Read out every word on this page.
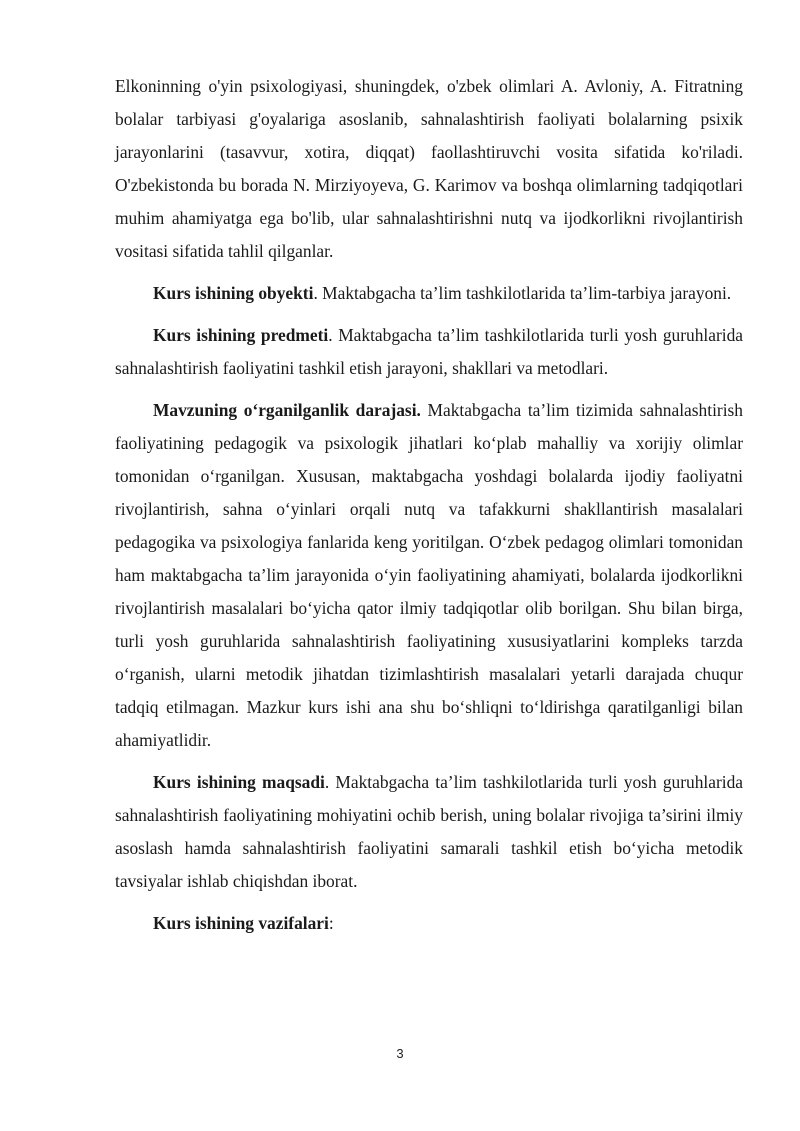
Elkoninning o'yin psixologiyasi, shuningdek, o'zbek olimlari A. Avloniy, A. Fitratning bolalar tarbiyasi g'oyalariga asoslanib, sahnalashtirish faoliyati bolalarning psixik jarayonlarini (tasavvur, xotira, diqqat) faollashtiruvchi vosita sifatida ko'riladi. O'zbekistonda bu borada N. Mirziyoyeva, G. Karimov va boshqa olimlarning tadqiqotlari muhim ahamiyatga ega bo'lib, ular sahnalashtirishni nutq va ijodkorlikni rivojlantirish vositasi sifatida tahlil qilganlar.

Kurs ishining obyekti. Maktabgacha ta’lim tashkilotlarida ta’lim-tarbiya jarayoni.

Kurs ishining predmeti. Maktabgacha ta’lim tashkilotlarida turli yosh guruhlarida sahnalashtirish faoliyatini tashkil etish jarayoni, shakllari va metodlari.

Mavzuning o‘rganilganlik darajasi. Maktabgacha ta’lim tizimida sahnalashtirish faoliyatining pedagogik va psixologik jihatlari ko‘plab mahalliy va xorijiy olimlar tomonidan o‘rganilgan. Xususan, maktabgacha yoshdagi bolalarda ijodiy faoliyatni rivojlantirish, sahna o‘yinlari orqali nutq va tafakkurni shakllantirish masalalari pedagogika va psixologiya fanlarida keng yoritilgan. O‘zbek pedagog olimlari tomonidan ham maktabgacha ta’lim jarayonida o‘yin faoliyatining ahamiyati, bolalarda ijodkorlikni rivojlantirish masalalari bo‘yicha qator ilmiy tadqiqotlar olib borilgan. Shu bilan birga, turli yosh guruhlarida sahnalashtirish faoliyatining xususiyatlarini kompleks tarzda o‘rganish, ularni metodik jihatdan tizimlashtirish masalalari yetarli darajada chuqur tadqiq etilmagan. Mazkur kurs ishi ana shu bo‘shliqni to‘ldirishga qaratilganligi bilan ahamiyatlidir.

Kurs ishining maqsadi. Maktabgacha ta’lim tashkilotlarida turli yosh guruhlarida sahnalashtirish faoliyatining mohiyatini ochib berish, uning bolalar rivojiga ta’sirini ilmiy asoslash hamda sahnalashtirish faoliyatini samarali tashkil etish bo‘yicha metodik tavsiyalar ishlab chiqishdan iborat.

Kurs ishining vazifalari:

3
